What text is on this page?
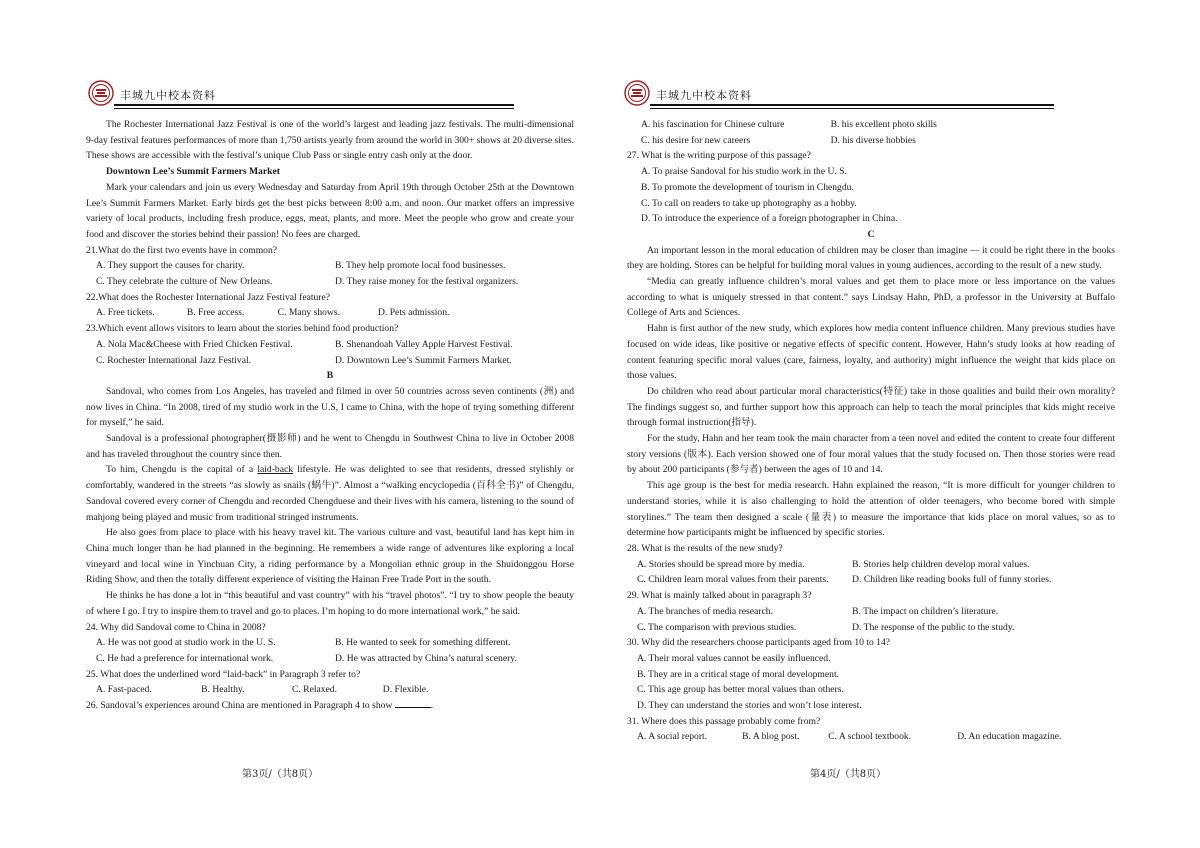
丰城九中校本资料

The Rochester International Jazz Festival is one of the world’s largest and leading jazz festivals. The multi-dimensional 9-day festival features performances of more than 1,750 artists yearly from around the world in 300+ shows at 20 diverse sites. These shows are accessible with the festival’s unique Club Pass or single entry cash only at the door.

Downtown Lee’s Summit Farmers Market

Mark your calendars and join us every Wednesday and Saturday from April 19th through October 25th at the Downtown Lee’s Summit Farmers Market. Early birds get the best picks between 8:00 a.m. and noon. Our market offers an impressive variety of local products, including fresh produce, eggs, meat, plants, and more. Meet the people who grow and create your food and discover the stories behind their passion! No fees are charged.

21.What do the first two events have in common?

A. They support the causes for charity.	B. They help promote local food businesses.
C. They celebrate the culture of New Orleans.	D. They raise money for the festival organizers.

22.What does the Rochester International Jazz Festival feature?

A. Free tickets.	B. Free access.	C. Many shows.	D. Pets admission.

23.Which event allows visitors to learn about the stories behind food production?

A. Nola Mac&Cheese with Fried Chicken Festival.	B. Shenandoah Valley Apple Harvest Festival.
C. Rochester International Jazz Festival.	D. Downtown Lee’s Summit Farmers Market.

B

Sandoval, who comes from Los Angeles, has traveled and filmed in over 50 countries across seven continents (洲) and now lives in China. “In 2008, tired of my studio work in the U.S, I came to China, with the hope of trying something different for myself,” he said.

Sandoval is a professional photographer(摄影师) and he went to Chengdu in Southwest China to live in October 2008 and has traveled throughout the country since then.

To him, Chengdu is the capital of a laid-back lifestyle. He was delighted to see that residents, dressed stylishly or comfortably, wandered in the streets “as slowly as snails (蜗牛)”. Almost a “walking encyclopedia (百科全书)” of Chengdu, Sandoval covered every corner of Chengdu and recorded Chengduese and their lives with his camera, listening to the sound of mahjong being played and music from traditional stringed instruments.

He also goes from place to place with his heavy travel kit. The various culture and vast, beautiful land has kept him in China much longer than he had planned in the beginning. He remembers a wide range of adventures like exploring a local vineyard and local wine in Yinchuan City, a riding performance by a Mongolian ethnic group in the Shuidonggou Horse Riding Show, and then the totally different experience of visiting the Hainan Free Trade Port in the south.

He thinks he has done a lot in “this beautiful and vast country” with his “travel photos”. “I try to show people the beauty of where I go. I try to inspire them to travel and go to places. I’m hoping to do more international work,” he said.

24. Why did Sandoval come to China in 2008?

A. He was not good at studio work in the U. S.	B. He wanted to seek for something different.
C. He had a preference for international work.	D. He was attracted by China’s natural scenery.

25. What does the underlined word “laid-back” in Paragraph 3 refer to?

A. Fast-paced.	B. Healthy.	C. Relaxed.	D. Flexible.

26. Sandoval’s experiences around China are mentioned in Paragraph 4 to show	.

第3页/（共8页）
丰城九中校本资料
A. his fascination for Chinese culture	B. his excellent photo skills
C. his desire for new careers	D. his diverse hobbies

27. What is the writing purpose of this passage?

A. To praise Sandoval for his studio work in the U. S.

B. To promote the development of tourism in Chengdu.

C. To call on readers to take up photography as a hobby.

D. To introduce the experience of a foreign photographer in China.

C

An important lesson in the moral education of children may be closer than imagine — it could be right there in the books they are holding. Stores can be helpful for building moral values in young audiences, according to the result of a new study.

“Media can greatly influence children’s moral values and get them to place more or less importance on the values according to what is uniquely stressed in that content.” says Lindsay Hahn, PhD, a professor in the University at Buffalo College of Arts and Sciences.

Hahn is first author of the new study, which explores how media content influence children. Many previous studies have focused on wide ideas, like positive or negative effects of specific content. However, Hahn’s study looks at how reading of content featuring specific moral values (care, fairness, loyalty, and authority) might influence the weight that kids place on those values.

Do children who read about particular moral characteristics(特征) take in those qualities and build their own morality? The findings suggest so, and further support how this approach can help to teach the moral principles that kids might receive through formal instruction(指导).

For the study, Hahn and her team took the main character from a teen novel and edited the content to create four different story versions (版本). Each version showed one of four moral values that the study focused on. Then those stories were read by about 200 participants (参与者) between the ages of 10 and 14.

This age group is the best for media research. Hahn explained the reason, “It is more difficult for younger children to understand stories, while it is also challenging to hold the attention of older teenagers, who become bored with simple storylines.” The team then designed a scale (量表) to measure the importance that kids place on moral values, so as to determine how participants might be influenced by specific stories.

28. What is the results of the new study?

A. Stories should be spread more by media.	B. Stories help children develop moral values.
C. Children learn moral values from their parents.	D. Children like reading books full of funny stories.

29. What is mainly talked about in paragraph 3?

A. The branches of media research.	B. The impact on children’s literature.
C. The comparison with previous studies.	D. The response of the public to the study.

30. Why did the researchers choose participants aged from 10 to 14?

A. Their moral values cannot be easily influenced.

B. They are in a critical stage of moral development.

C. This age group has better moral values than others.

D. They can understand the stories and won’t lose interest.

31. Where does this passage probably come from?

A. A social report.	B. A blog post.	C. A school textbook.	D. An education magazine.
第4页/（共8页）
